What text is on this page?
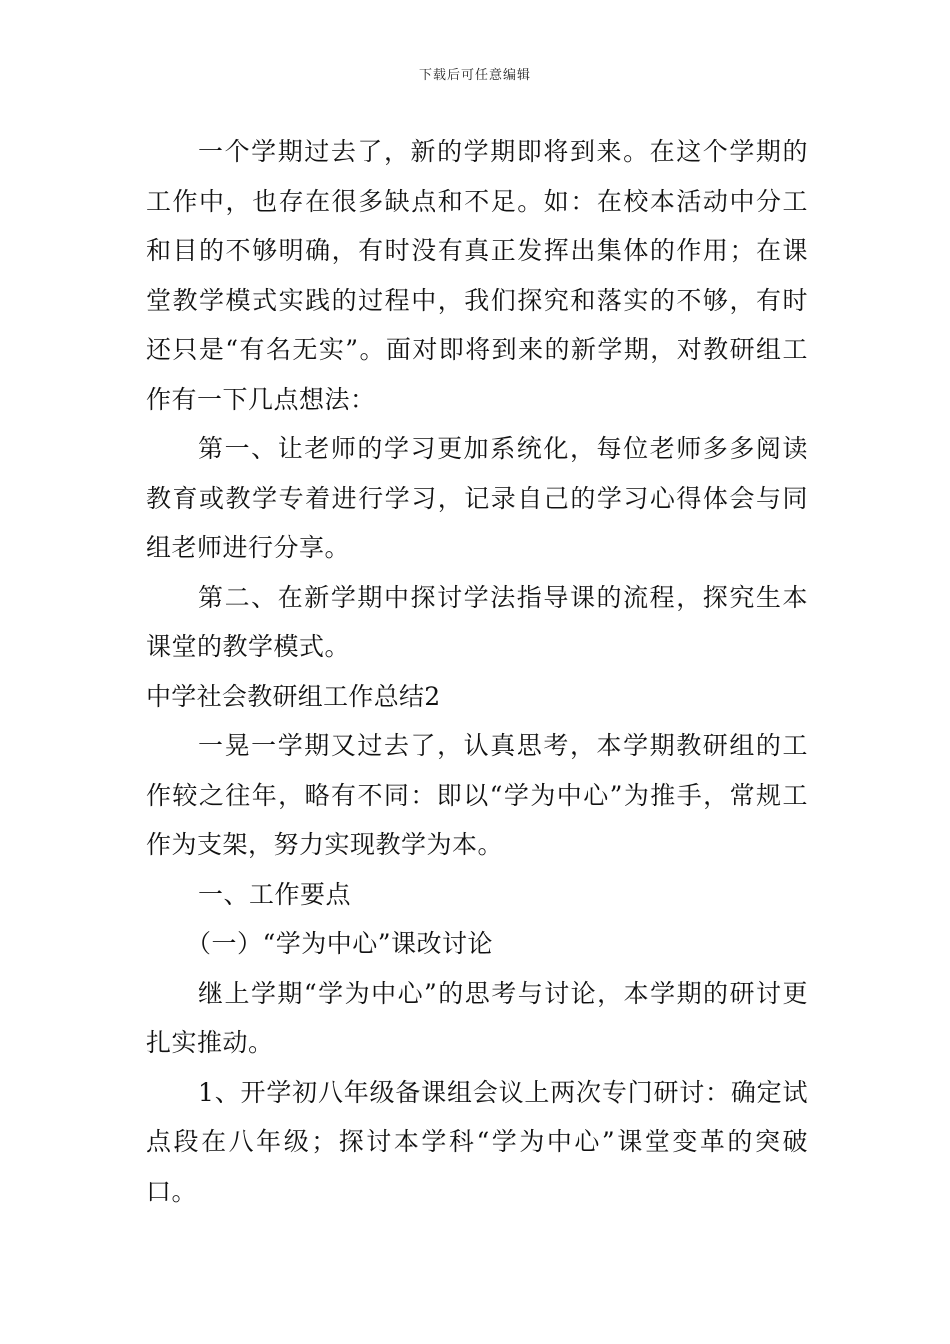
下载后可任意编辑

一个学期过去了，新的学期即将到来。在这个学期的工作中，也存在很多缺点和不足。如：在校本活动中分工和目的不够明确，有时没有真正发挥出集体的作用；在课堂教学模式实践的过程中，我们探究和落实的不够，有时还只是“有名无实”。面对即将到来的新学期，对教研组工作有一下几点想法：

第一、让老师的学习更加系统化，每位老师多多阅读教育或教学专着进行学习，记录自己的学习心得体会与同组老师进行分享。

第二、在新学期中探讨学法指导课的流程，探究生本课堂的教学模式。

中学社会教研组工作总结2

一晃一学期又过去了，认真思考，本学期教研组的工作较之往年，略有不同：即以“学为中心”为推手，常规工作为支架，努力实现教学为本。

一、工作要点

（一）“学为中心”课改讨论

继上学期“学为中心”的思考与讨论，本学期的研讨更扎实推动。

1、开学初八年级备课组会议上两次专门研讨：确定试点段在八年级；探讨本学科“学为中心”课堂变革的突破口。
